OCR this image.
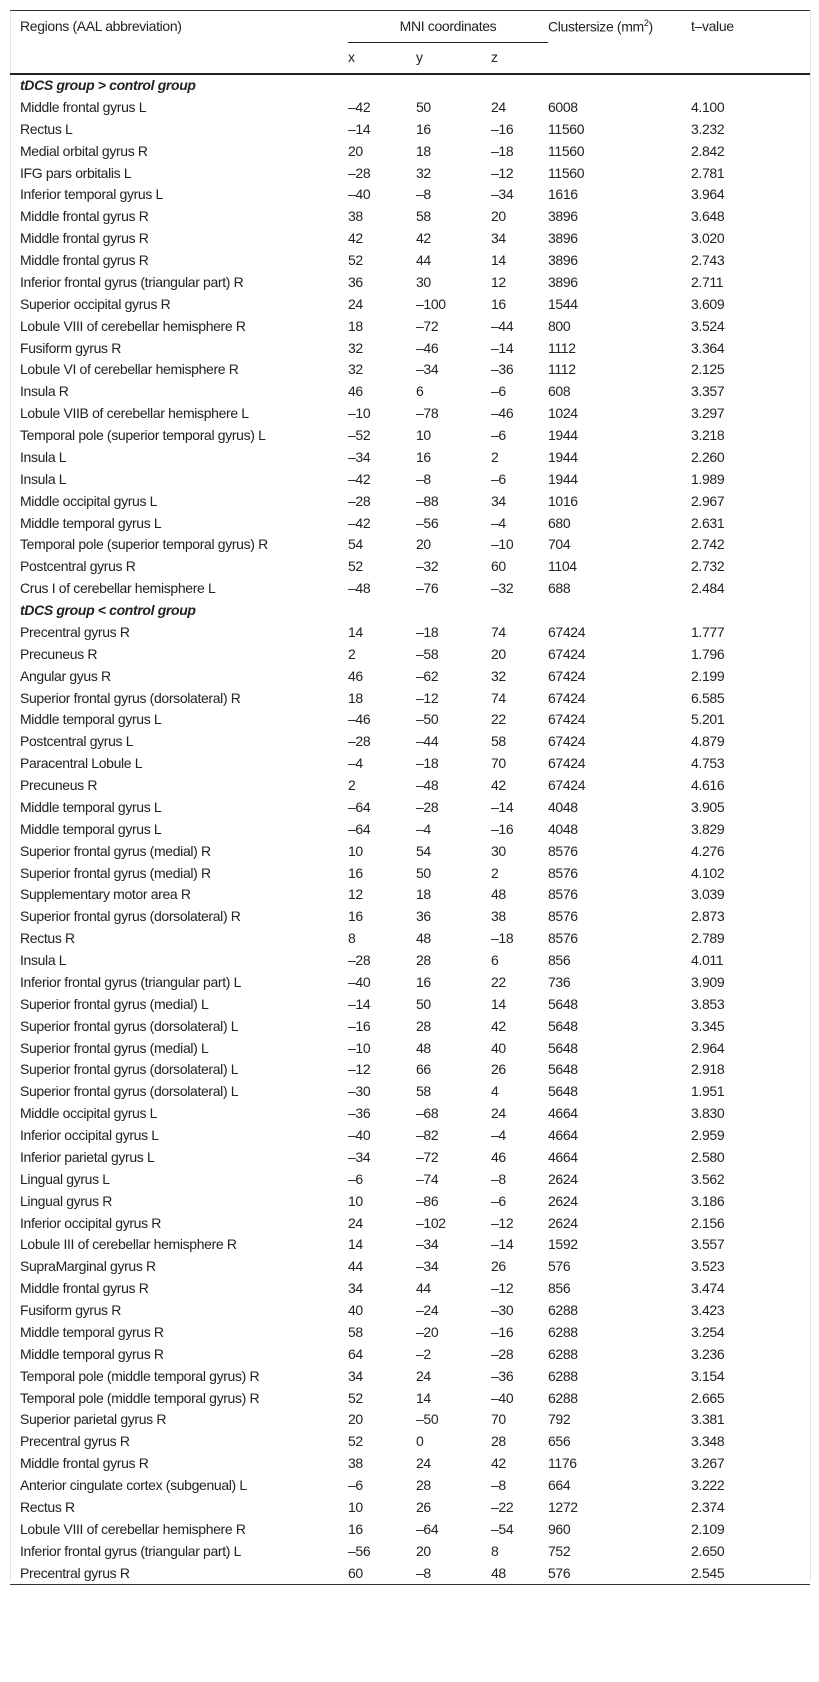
Regions (AAL abbreviation)	MNI coordinates			Clustersize $(mm^2)$	t–value
	x	y	z		
tDCS group > control group					
Middle frontal gyrus L	–42	50	24	6008	4.100
Rectus L	–14	16	–16	11560	3.232
Medial orbital gyrus R	20	18	–18	11560	2.842
IFG pars orbitalis L	–28	32	–12	11560	2.781
Inferior temporal gyrus L	–40	–8	–34	1616	3.964
Middle frontal gyrus R	38	58	20	3896	3.648
Middle frontal gyrus R	42	42	34	3896	3.020
Middle frontal gyrus R	52	44	14	3896	2.743
Inferior frontal gyrus (triangular part) R	36	30	12	3896	2.711
Superior occipital gyrus R	24	–100	16	1544	3.609
Lobule VIII of cerebellar hemisphere R	18	–72	–44	800	3.524
Fusiform gyrus R	32	–46	–14	1112	3.364
Lobule VI of cerebellar hemisphere R	32	–34	–36	1112	2.125
Insula R	46	6	–6	608	3.357
Lobule VIIB of cerebellar hemisphere L	–10	–78	–46	1024	3.297
Temporal pole (superior temporal gyrus) L	–52	10	–6	1944	3.218
Insula L	–34	16	2	1944	2.260
Insula L	–42	–8	–6	1944	1.989
Middle occipital gyrus L	–28	–88	34	1016	2.967
Middle temporal gyrus L	–42	–56	–4	680	2.631
Temporal pole (superior temporal gyrus) R	54	20	–10	704	2.742
Postcentral gyrus R	52	–32	60	1104	2.732
Crus I of cerebellar hemisphere L	–48	–76	–32	688	2.484
tDCS group < control group					
Precentral gyrus R	14	–18	74	67424	1.777
Precuneus R	2	–58	20	67424	1.796
Angular gyus R	46	–62	32	67424	2.199
Superior frontal gyrus (dorsolateral) R	18	–12	74	67424	6.585
Middle temporal gyrus L	–46	–50	22	67424	5.201
Postcentral gyrus L	–28	–44	58	67424	4.879
Paracentral Lobule L	–4	–18	70	67424	4.753
Precuneus R	2	–48	42	67424	4.616
Middle temporal gyrus L	–64	–28	–14	4048	3.905
Middle temporal gyrus L	–64	–4	–16	4048	3.829
Superior frontal gyrus (medial) R	10	54	30	8576	4.276
Superior frontal gyrus (medial) R	16	50	2	8576	4.102
Supplementary motor area R	12	18	48	8576	3.039
Superior frontal gyrus (dorsolateral) R	16	36	38	8576	2.873
Rectus R	8	48	–18	8576	2.789
Insula L	–28	28	6	856	4.011
Inferior frontal gyrus (triangular part) L	–40	16	22	736	3.909
Superior frontal gyrus (medial) L	–14	50	14	5648	3.853
Superior frontal gyrus (dorsolateral) L	–16	28	42	5648	3.345
Superior frontal gyrus (medial) L	–10	48	40	5648	2.964
Superior frontal gyrus (dorsolateral) L	–12	66	26	5648	2.918
Superior frontal gyrus (dorsolateral) L	–30	58	4	5648	1.951
Middle occipital gyrus L	–36	–68	24	4664	3.830
Inferior occipital gyrus L	–40	–82	–4	4664	2.959
Inferior parietal gyrus L	–34	–72	46	4664	2.580
Lingual gyrus L	–6	–74	–8	2624	3.562
Lingual gyrus R	10	–86	–6	2624	3.186
Inferior occipital gyrus R	24	–102	–12	2624	2.156
Lobule III of cerebellar hemisphere R	14	–34	–14	1592	3.557
SupraMarginal gyrus R	44	–34	26	576	3.523
Middle frontal gyrus R	34	44	–12	856	3.474
Fusiform gyrus R	40	–24	–30	6288	3.423
Middle temporal gyrus R	58	–20	–16	6288	3.254
Middle temporal gyrus R	64	–2	–28	6288	3.236
Temporal pole (middle temporal gyrus) R	34	24	–36	6288	3.154
Temporal pole (middle temporal gyrus) R	52	14	–40	6288	2.665
Superior parietal gyrus R	20	–50	70	792	3.381
Precentral gyrus R	52	0	28	656	3.348
Middle frontal gyrus R	38	24	42	1176	3.267
Anterior cingulate cortex (subgenual) L	–6	28	–8	664	3.222
Rectus R	10	26	–22	1272	2.374
Lobule VIII of cerebellar hemisphere R	16	–64	–54	960	2.109
Inferior frontal gyrus (triangular part) L	–56	20	8	752	2.650
Precentral gyrus R	60	–8	48	576	2.545
